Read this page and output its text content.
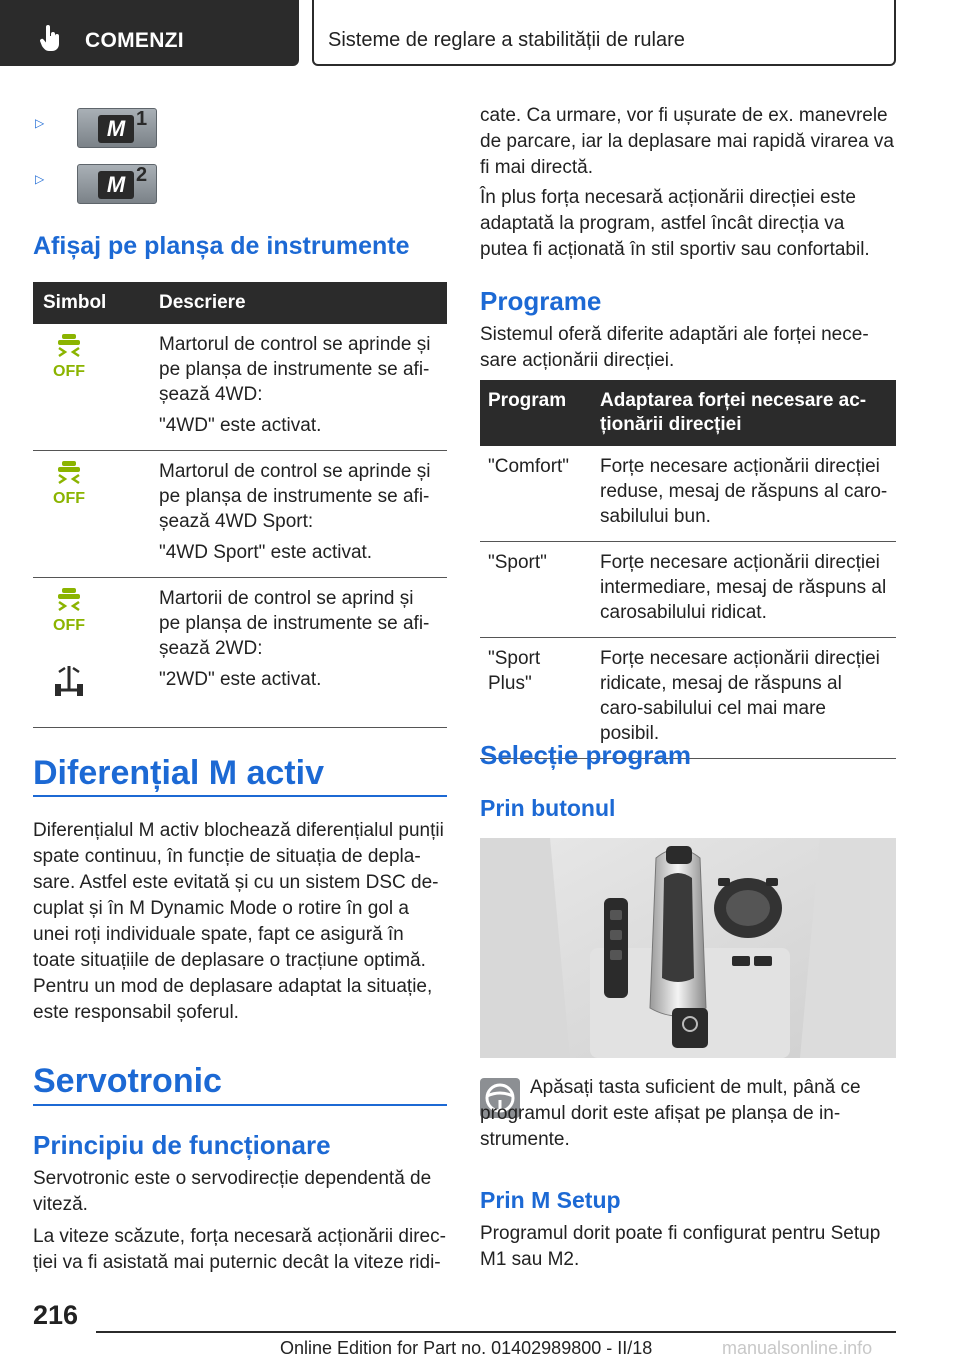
COMENZI	Sisteme de reglare a stabilității de rulare
▷	M 1
▷	M 2
Afișaj pe planșa de instrumente
Simbol	Descriere

OFF	Martorul de control se aprinde și pe planșa de instrumente se afi-șează 4WD:
"4WD" este activat.

OFF	Martorul de control se aprinde și pe planșa de instrumente se afi-șează 4WD Sport:
"4WD Sport" este activat.

OFF	Martorii de control se aprind și pe planșa de instrumente se afi-șează 2WD:
"2WD" este activat.
Diferențial M activ
Diferențialul M activ blochează diferențialul punții spate continuu, în funcție de situația de depla-sare. Astfel este evitată și cu un sistem DSC de-cuplat și în M Dynamic Mode o rotire în gol a unei roți individuale spate, fapt ce asigură în toate situațiile de deplasare o tracțiune optimă.
Pentru un mod de deplasare adaptat la situație, este responsabil șoferul.
Servotronic
Principiu de funcționare
Servotronic este o servodirecție dependentă de viteză.
La viteze scăzute, forța necesară acționării direc-ției va fi asistată mai puternic decât la viteze ridi-
cate. Ca urmare, vor fi ușurate de ex. manevrele de parcare, iar la deplasare mai rapidă virarea va fi mai directă.
În plus forța necesară acționării direcției este adaptată la program, astfel încât direcția va putea fi acționată în stil sportiv sau confortabil.
Programe
Sistemul oferă diferite adaptări ale forței nece-sare acționării direcției.
Program	Adaptarea forței necesare ac-ționării direcției
"Comfort"	Forțe necesare acționării direcției reduse, mesaj de răspuns al caro-sabilului bun.
"Sport"	Forțe necesare acționării direcției intermediare, mesaj de răspuns al carosabilului ridicat.
"Sport Plus"	Forțe necesare acționării direcției ridicate, mesaj de răspuns al caro-sabilului cel mai mare posibil.
Selecție program
Prin butonul
Apăsați tasta suficient de mult, până ce programul dorit este afișat pe planșa de in-strumente.
Prin M Setup
Programul dorit poate fi configurat pentru Setup M1 sau M2.
216
Online Edition for Part no. 01402989800 - II/18	manualsonline.info
